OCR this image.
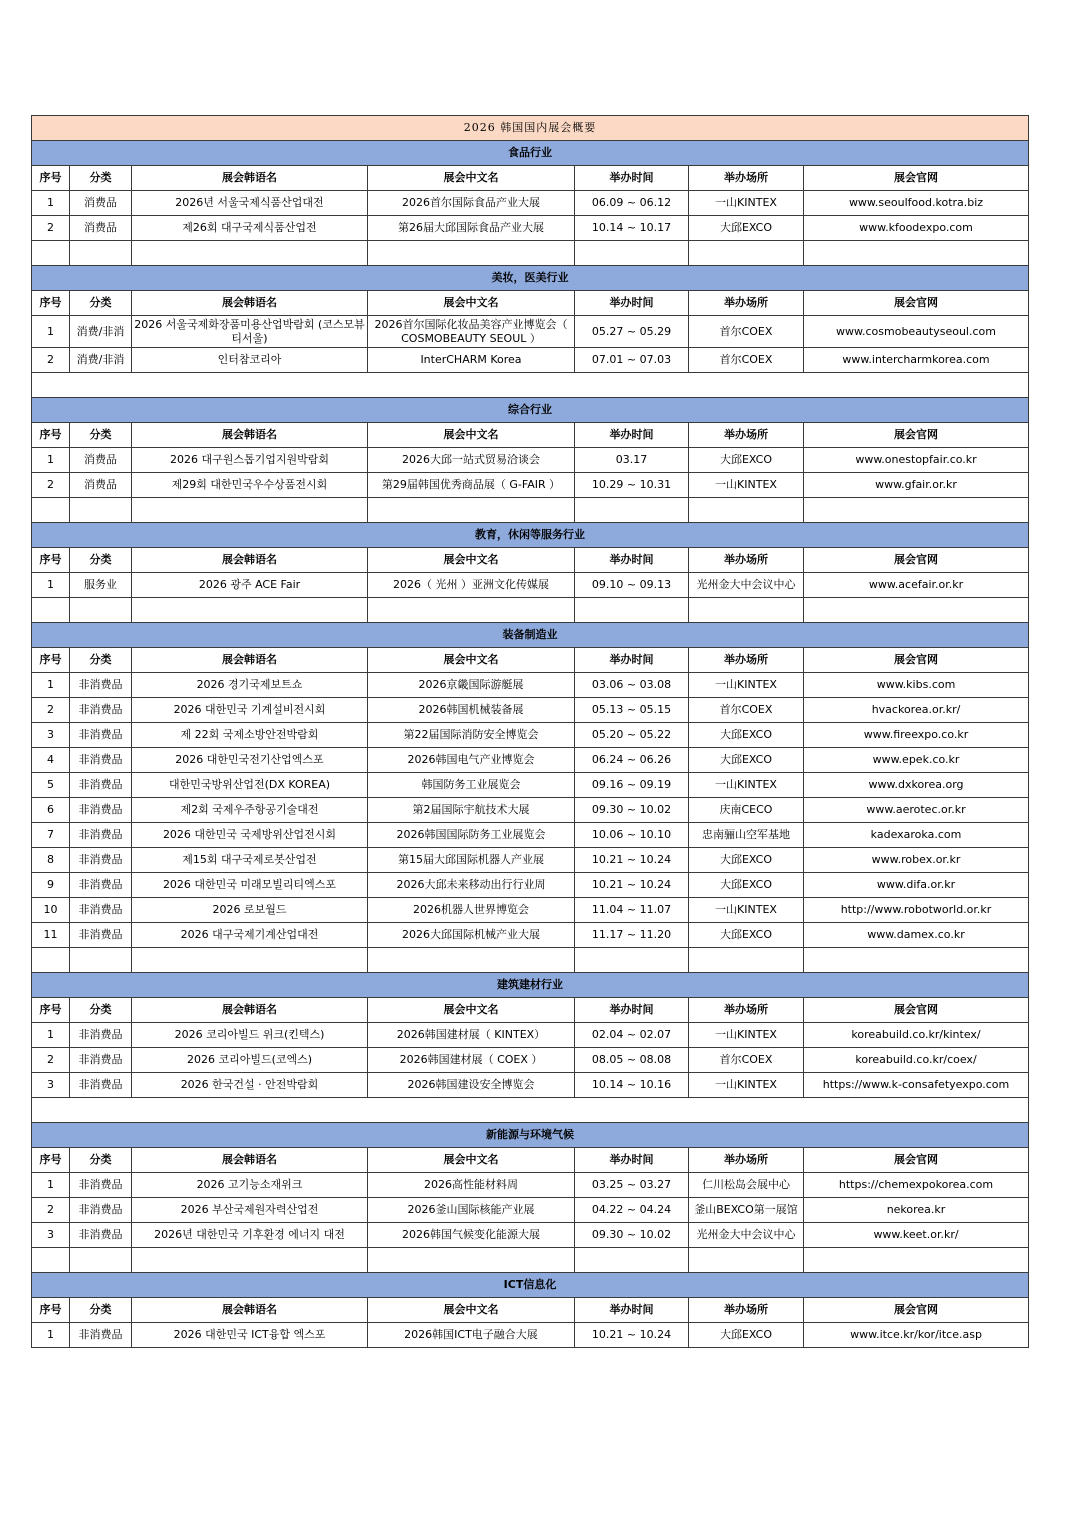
2026 韩国国内展会概要						
食品行业						
序号	分类	展会韩语名	展会中文名	举办时间	举办场所	展会官网
1	消费品	2026년 서울국제식품산업대전	2026首尔国际食品产业大展	06.09 ~ 06.12	一山KINTEX	www.seoulfood.kotra.biz
2	消费品	제26회 대구국제식품산업전	第26届大邱国际食品产业大展	10.14 ~ 10.17	大邱EXCO	www.kfoodexpo.com

美妆，医美行业						
序号	分类	展会韩语名	展会中文名	举办时间	举办场所	展会官网
1	消费/非消	2026 서울국제화장품미용산업박람회 (코스모뷰티서울)	2026首尔国际化妆品美容产业博览会（ COSMOBEAUTY SEOUL ）	05.27 ~ 05.29	首尔COEX	www.cosmobeautyseoul.com
2	消费/非消	인터참코리아	InterCHARM Korea	07.01 ~ 07.03	首尔COEX	www.intercharmkorea.com

综合行业						
序号	分类	展会韩语名	展会中文名	举办时间	举办场所	展会官网
1	消费品	2026 대구원스톱기업지원박람회	2026大邱一站式贸易洽谈会	03.17	大邱EXCO	www.onestopfair.co.kr
2	消费品	제29회 대한민국우수상품전시회	第29届韩国优秀商品展（ G-FAIR ）	10.29 ~ 10.31	一山KINTEX	www.gfair.or.kr

教育，休闲等服务行业						
序号	分类	展会韩语名	展会中文名	举办时间	举办场所	展会官网
1	服务业	2026 광주 ACE Fair	2026（ 光州 ）亚洲文化传媒展	09.10 ~ 09.13	光州金大中会议中心	www.acefair.or.kr

装备制造业						
序号	分类	展会韩语名	展会中文名	举办时间	举办场所	展会官网
1	非消费品	2026 경기국제보트쇼	2026京畿国际游艇展	03.06 ~ 03.08	一山KINTEX	www.kibs.com
2	非消费品	2026 대한민국 기계설비전시회	2026韩国机械装备展	05.13 ~ 05.15	首尔COEX	hvackorea.or.kr/
3	非消费品	제 22회 국제소방안전박람회	第22届国际消防安全博览会	05.20 ~ 05.22	大邱EXCO	www.fireexpo.co.kr
4	非消费品	2026 대한민국전기산업엑스포	2026韩国电气产业博览会	06.24 ~ 06.26	大邱EXCO	www.epek.co.kr
5	非消费品	대한민국방위산업전(DX KOREA)	韩国防务工业展览会	09.16 ~ 09.19	一山KINTEX	www.dxkorea.org
6	非消费品	제2회 국제우주항공기술대전	第2届国际宇航技术大展	09.30 ~ 10.02	庆南CECO	www.aerotec.or.kr
7	非消费品	2026 대한민국 국제방위산업전시회	2026韩国国际防务工业展览会	10.06 ~ 10.10	忠南骊山空军基地	kadexaroka.com
8	非消费品	제15회 대구국제로봇산업전	第15届大邱国际机器人产业展	10.21 ~ 10.24	大邱EXCO	www.robex.or.kr
9	非消费品	2026 대한민국 미래모빌리티엑스포	2026大邱未来移动出行行业周	10.21 ~ 10.24	大邱EXCO	www.difa.or.kr
10	非消费品	2026 로보월드	2026机器人世界博览会	11.04 ~ 11.07	一山KINTEX	http://www.robotworld.or.kr
11	非消费品	2026 대구국제기계산업대전	2026大邱国际机械产业大展	11.17 ~ 11.20	大邱EXCO	www.damex.co.kr

建筑建材行业						
序号	分类	展会韩语名	展会中文名	举办时间	举办场所	展会官网
1	非消费品	2026 코리아빌드 위크(킨텍스)	2026韩国建材展（ KINTEX）	02.04 ~ 02.07	一山KINTEX	koreabuild.co.kr/kintex/
2	非消费品	2026 코리아빌드(코엑스)	2026韩国建材展（ COEX ）	08.05 ~ 08.08	首尔COEX	koreabuild.co.kr/coex/
3	非消费品	2026 한국건설 · 안전박람회	2026韩国建设安全博览会	10.14 ~ 10.16	一山KINTEX	https://www.k-consafetyexpo.com

新能源与环境气候						
序号	分类	展会韩语名	展会中文名	举办时间	举办场所	展会官网
1	非消费品	2026 고기능소재위크	2026高性能材料周	03.25 ~ 03.27	仁川松岛会展中心	https://chemexpokorea.com
2	非消费品	2026 부산국제원자력산업전	2026釜山国际核能产业展	04.22 ~ 04.24	釜山BEXCO第一展馆	nekorea.kr
3	非消费品	2026년 대한민국 기후환경 에너지 대전	2026韩国气候变化能源大展	09.30 ~ 10.02	光州金大中会议中心	www.keet.or.kr/

ICT信息化						
序号	分类	展会韩语名	展会中文名	举办时间	举办场所	展会官网
1	非消费品	2026 대한민국 ICT융합 엑스포	2026韩国ICT电子融合大展	10.21 ~ 10.24	大邱EXCO	www.itce.kr/kor/itce.asp
